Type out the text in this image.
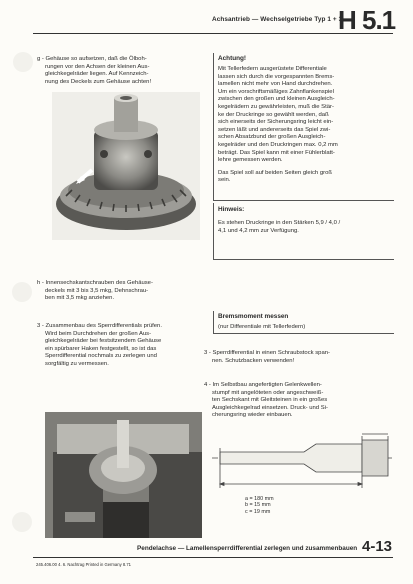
Achsantrieb — Wechselgetriebe Typ 1 + 3
H 5.1
g - Gehäuse so aufsetzen, daß die Ölboh-
rungen vor den Achsen der kleinen Aus-
gleichkegelräder liegen. Auf Kennzeich-
nung des Deckels zum Gehäuse achten!
h - Innensechskantschrauben des Gehäuse-
deckels mit 3 bis 3,5 mkg, Dehnschrau-
ben mit 3,5 mkg anziehen.
3 - Zusammenbau des Sperrdifferentials prüfen.
Wird beim Durchdrehen der großen Aus-
gleichkegelräder bei festsitzendem Gehäuse
ein spürbarer Haken festgestellt, so ist das
Sperrdifferential nochmals zu zerlegen und
sorgfältig zu vermessen.
Achtung!
Mit Tellerfedern ausgerüstete Differentiale
lassen sich durch die vorgespannten Brems-
lamellen nicht mehr von Hand durchdrehen.
Um ein vorschriftsmäßiges Zahnflankenspiel
zwischen den großen und kleinen Ausgleich-
kegelrädern zu gewährleisten, muß die Stär-
ke der Druckringe so gewählt werden, daß
sich einerseits der Sicherungsring leicht ein-
setzen läßt und andererseits das Spiel zwi-
schen Absatzbund der großen Ausgleich-
kegelräder und den Druckringen max. 0,2 mm
beträgt. Das Spiel kann mit einer Fühlerblatt-
lehre gemessen werden.
Das Spiel soll auf beiden Seiten gleich groß
sein.
Hinweis:
Es stehen Druckringe in den Stärken 5,9 / 4,0 /
4,1 und 4,2 mm zur Verfügung.
Bremsmoment messen
(nur Differentiale mit Tellerfedern)
3 - Sperrdifferential in einen Schraubstock span-
nen. Schutzbacken verwenden!
4 - Im Selbstbau angefertigten Gelenkwellen-
stumpf mit angelöteten oder angeschweiß-
ten Sechskant mit Gleitsteinen in ein großes
Ausgleichkegelrad einsetzen. Druck- und Si-
cherungsring wieder einbauen.
a = 180 mm
b = 15 mm
c = 19 mm
Pendelachse — Lamellensperrdifferential zerlegen und zusammenbauen 4-13
245.406.00 4. 6. Nachtrag Printed in Germany 8.71
